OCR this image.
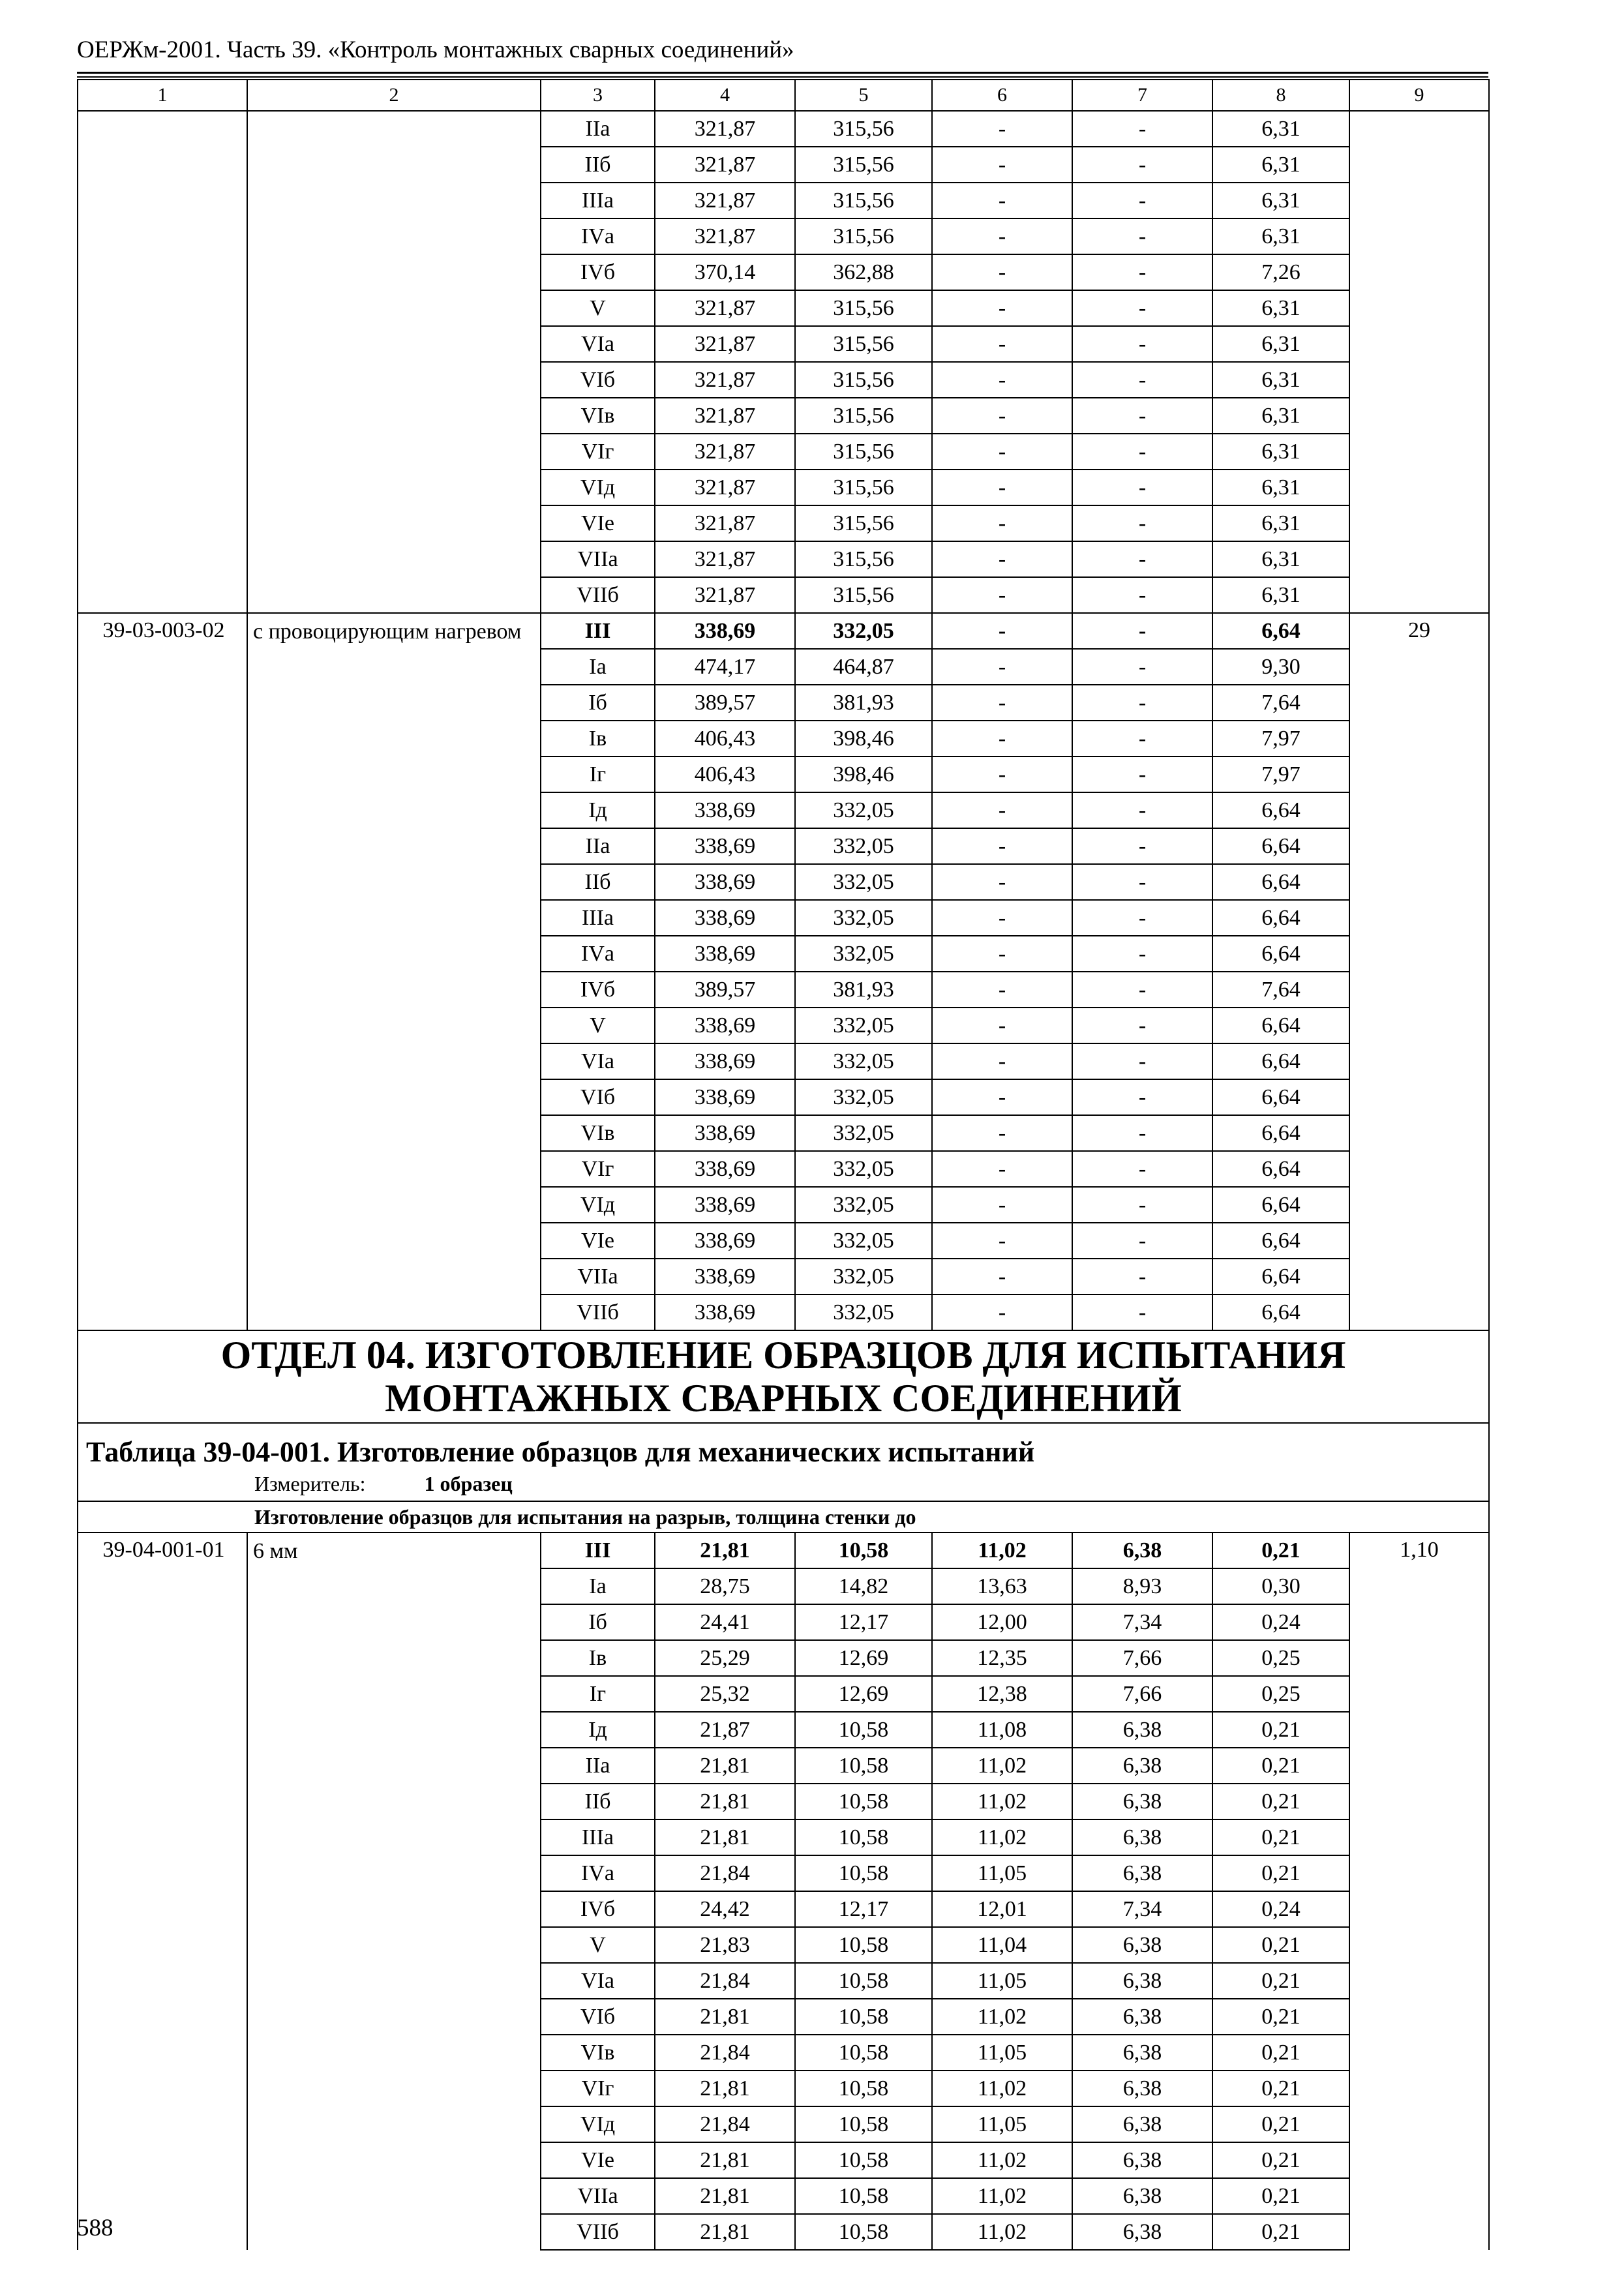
ОЕРЖм-2001. Часть 39. «Контроль монтажных сварных соединений»
1	2	3	4	5	6	7	8	9
		IIа	321,87	315,56	-	-	6,31	
		IIб	321,87	315,56	-	-	6,31	
		IIIа	321,87	315,56	-	-	6,31	
		IVа	321,87	315,56	-	-	6,31	
		IVб	370,14	362,88	-	-	7,26	
		V	321,87	315,56	-	-	6,31	
		VIа	321,87	315,56	-	-	6,31	
		VIб	321,87	315,56	-	-	6,31	
		VIв	321,87	315,56	-	-	6,31	
		VIг	321,87	315,56	-	-	6,31	
		VIд	321,87	315,56	-	-	6,31	
		VIе	321,87	315,56	-	-	6,31	
		VIIа	321,87	315,56	-	-	6,31	
		VIIб	321,87	315,56	-	-	6,31	
39-03-003-02	с провоцирующим нагревом	III	338,69	332,05	-	-	6,64	29
		Iа	474,17	464,87	-	-	9,30	
		Iб	389,57	381,93	-	-	7,64	
		Iв	406,43	398,46	-	-	7,97	
		Iг	406,43	398,46	-	-	7,97	
		Iд	338,69	332,05	-	-	6,64	
		IIа	338,69	332,05	-	-	6,64	
		IIб	338,69	332,05	-	-	6,64	
		IIIа	338,69	332,05	-	-	6,64	
		IVа	338,69	332,05	-	-	6,64	
		IVб	389,57	381,93	-	-	7,64	
		V	338,69	332,05	-	-	6,64	
		VIа	338,69	332,05	-	-	6,64	
		VIб	338,69	332,05	-	-	6,64	
		VIв	338,69	332,05	-	-	6,64	
		VIг	338,69	332,05	-	-	6,64	
		VIд	338,69	332,05	-	-	6,64	
		VIе	338,69	332,05	-	-	6,64	
		VIIа	338,69	332,05	-	-	6,64	
		VIIб	338,69	332,05	-	-	6,64	

ОТДЕЛ 04. ИЗГОТОВЛЕНИЕ ОБРАЗЦОВ ДЛЯ ИСПЫТАНИЯ
МОНТАЖНЫХ СВАРНЫХ СОЕДИНЕНИЙ								

Таблица 39-04-001. Изготовление образцов для механических испытаний								
Измеритель: 1 образец								
Изготовление образцов для испытания на разрыв, толщина стенки до								
39-04-001-01	6 мм	III	21,81	10,58	11,02	6,38	0,21	1,10
		Iа	28,75	14,82	13,63	8,93	0,30	
		Iб	24,41	12,17	12,00	7,34	0,24	
		Iв	25,29	12,69	12,35	7,66	0,25	
		Iг	25,32	12,69	12,38	7,66	0,25	
		Iд	21,87	10,58	11,08	6,38	0,21	
		IIа	21,81	10,58	11,02	6,38	0,21	
		IIб	21,81	10,58	11,02	6,38	0,21	
		IIIа	21,81	10,58	11,02	6,38	0,21	
		IVа	21,84	10,58	11,05	6,38	0,21	
		IVб	24,42	12,17	12,01	7,34	0,24	
		V	21,83	10,58	11,04	6,38	0,21	
		VIа	21,84	10,58	11,05	6,38	0,21	
		VIб	21,81	10,58	11,02	6,38	0,21	
		VIв	21,84	10,58	11,05	6,38	0,21	
		VIг	21,81	10,58	11,02	6,38	0,21	
		VIд	21,84	10,58	11,05	6,38	0,21	
		VIе	21,81	10,58	11,02	6,38	0,21	
		VIIа	21,81	10,58	11,02	6,38	0,21	
		VIIб	21,81	10,58	11,02	6,38	0,21	
588
